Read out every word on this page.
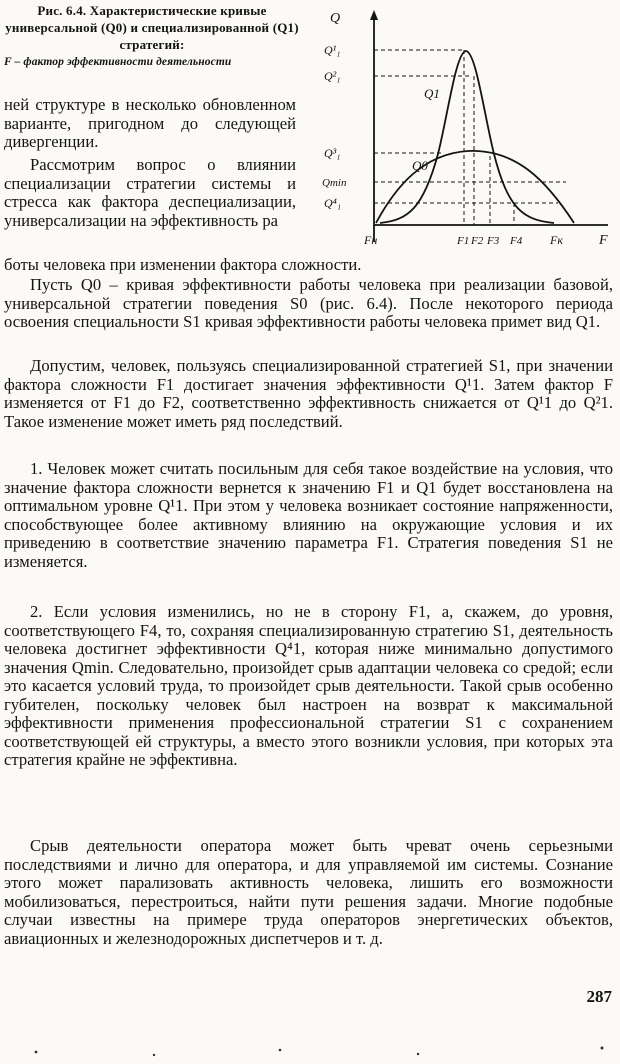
Рис. 6.4. Характеристические кривые универсальной (Q0) и специализированной (Q1) стратегий:

F – фактор эффективности деятельности

Q
Q¹₁
Q²₁
Q³₁
Qmin
Q⁴₁
Fн	F1 F2 F3 F4 Fк	F
Q1
Q0

ней структуре в несколько обновленном варианте, пригодном до следующей дивергенции.

Рассмотрим вопрос о влиянии специализации стратегии системы и стресса как фактора деспециализации, универсализации на эффективность ра

боты человека при изменении фактора сложности.

Пусть Q0 – кривая эффективности работы человека при реализации базовой, универсальной стратегии поведения S0 (рис. 6.4). После некоторого периода освоения специальности S1 кривая эффективности работы человека примет вид Q1.

Допустим, человек, пользуясь специализированной стратегией S1, при значении фактора сложности F1 достигает значения эффективности Q¹1. Затем фактор F изменяется от F1 до F2, соответственно эффективность снижается от Q¹1 до Q²1. Такое изменение может иметь ряд последствий.

1. Человек может считать посильным для себя такое воздействие на условия, что значение фактора сложности вернется к значению F1 и Q1 будет восстановлена на оптимальном уровне Q¹1. При этом у человека возникает состояние напряженности, способствующее более активному влиянию на окружающие условия и их приведению в соответствие значению параметра F1. Стратегия поведения S1 не изменяется.

2. Если условия изменились, но не в сторону F1, а, скажем, до уровня, соответствующего F4, то, сохраняя специализированную стратегию S1, деятельность человека достигнет эффективности Q⁴1, которая ниже минимально допустимого значения Qmin. Следовательно, произойдет срыв адаптации человека со средой; если это касается условий труда, то произойдет срыв деятельности. Такой срыв особенно губителен, поскольку человек был настроен на возврат к максимальной эффективности применения профессиональной стратегии S1 с сохранением соответствующей ей структуры, а вместо этого возникли условия, при которых эта стратегия крайне не эффективна.

Срыв деятельности оператора может быть чреват очень серьезными последствиями и лично для оператора, и для управляемой им системы. Сознание этого может парализовать активность человека, лишить его возможности мобилизоваться, перестроиться, найти пути решения задачи. Многие подобные случаи известны на примере труда операторов энергетических объектов, авиационных и железнодорожных диспетчеров и т. д.

287
